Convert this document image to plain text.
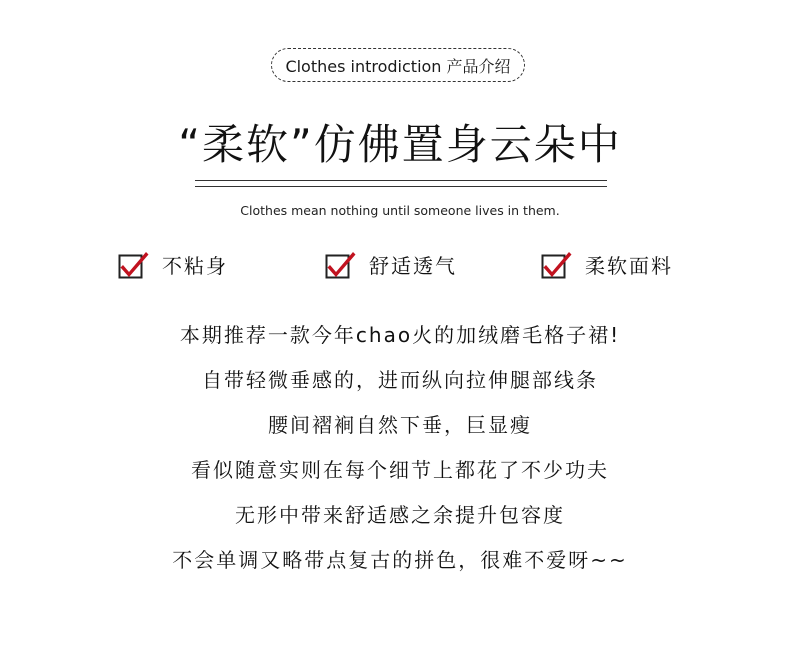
Clothes introdiction 产品介绍
“柔软”仿佛置身云朵中
Clothes mean nothing until someone lives in them.
不粘身	舒适透气	柔软面料
本期推荐一款今年chao火的加绒磨毛格子裙!
自带轻微垂感的，进而纵向拉伸腿部线条
腰间褶裥自然下垂，巨显瘦
看似随意实则在每个细节上都花了不少功夫
无形中带来舒适感之余提升包容度
不会单调又略带点复古的拼色，很难不爱呀~~
